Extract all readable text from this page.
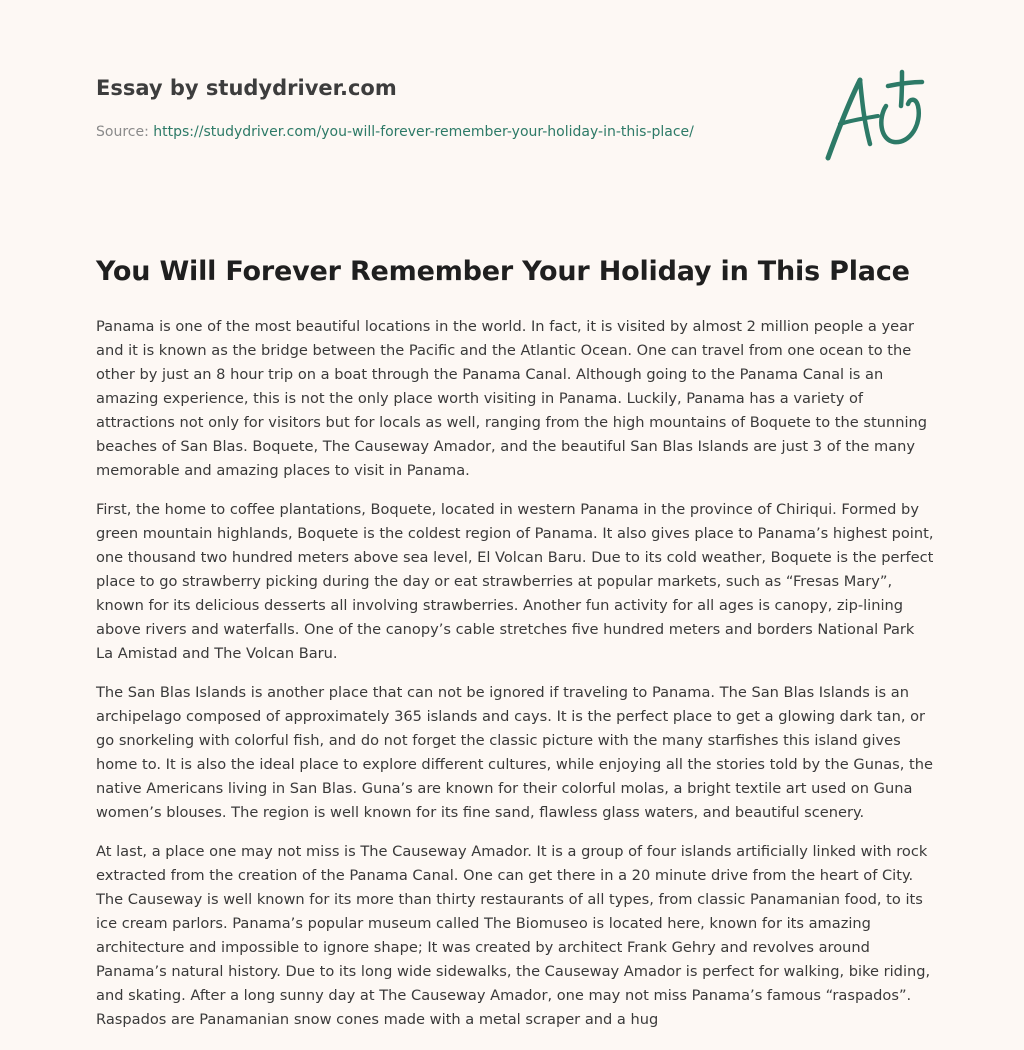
Essay by studydriver.com
Source: https://studydriver.com/you-will-forever-remember-your-holiday-in-this-place/
You Will Forever Remember Your Holiday in This Place

Panama is one of the most beautiful locations in the world. In fact, it is visited by almost 2 million people a year and it is known as the bridge between the Pacific and the Atlantic Ocean. One can travel from one ocean to the other by just an 8 hour trip on a boat through the Panama Canal. Although going to the Panama Canal is an amazing experience, this is not the only place worth visiting in Panama. Luckily, Panama has a variety of attractions not only for visitors but for locals as well, ranging from the high mountains of Boquete to the stunning beaches of San Blas. Boquete, The Causeway Amador, and the beautiful San Blas Islands are just 3 of the many memorable and amazing places to visit in Panama.

First, the home to coffee plantations, Boquete, located in western Panama in the province of Chiriqui. Formed by green mountain highlands, Boquete is the coldest region of Panama. It also gives place to Panama’s highest point, one thousand two hundred meters above sea level, El Volcan Baru. Due to its cold weather, Boquete is the perfect place to go strawberry picking during the day or eat strawberries at popular markets, such as “Fresas Mary”, known for its delicious desserts all involving strawberries. Another fun activity for all ages is canopy, zip-lining above rivers and waterfalls. One of the canopy’s cable stretches five hundred meters and borders National Park La Amistad and The Volcan Baru.

The San Blas Islands is another place that can not be ignored if traveling to Panama. The San Blas Islands is an archipelago composed of approximately 365 islands and cays. It is the perfect place to get a glowing dark tan, or go snorkeling with colorful fish, and do not forget the classic picture with the many starfishes this island gives home to. It is also the ideal place to explore different cultures, while enjoying all the stories told by the Gunas, the native Americans living in San Blas. Guna’s are known for their colorful molas, a bright textile art used on Guna women’s blouses. The region is well known for its fine sand, flawless glass waters, and beautiful scenery.

At last, a place one may not miss is The Causeway Amador. It is a group of four islands artificially linked with rock extracted from the creation of the Panama Canal. One can get there in a 20 minute drive from the heart of City. The Causeway is well known for its more than thirty restaurants of all types, from classic Panamanian food, to its ice cream parlors. Panama’s popular museum called The Biomuseo is located here, known for its amazing architecture and impossible to ignore shape; It was created by architect Frank Gehry and revolves around Panama’s natural history. Due to its long wide sidewalks, the Causeway Amador is perfect for walking, bike riding, and skating. After a long sunny day at The Causeway Amador, one may not miss Panama’s famous “raspados”. Raspados are Panamanian snow cones made with a metal scraper and a hug
